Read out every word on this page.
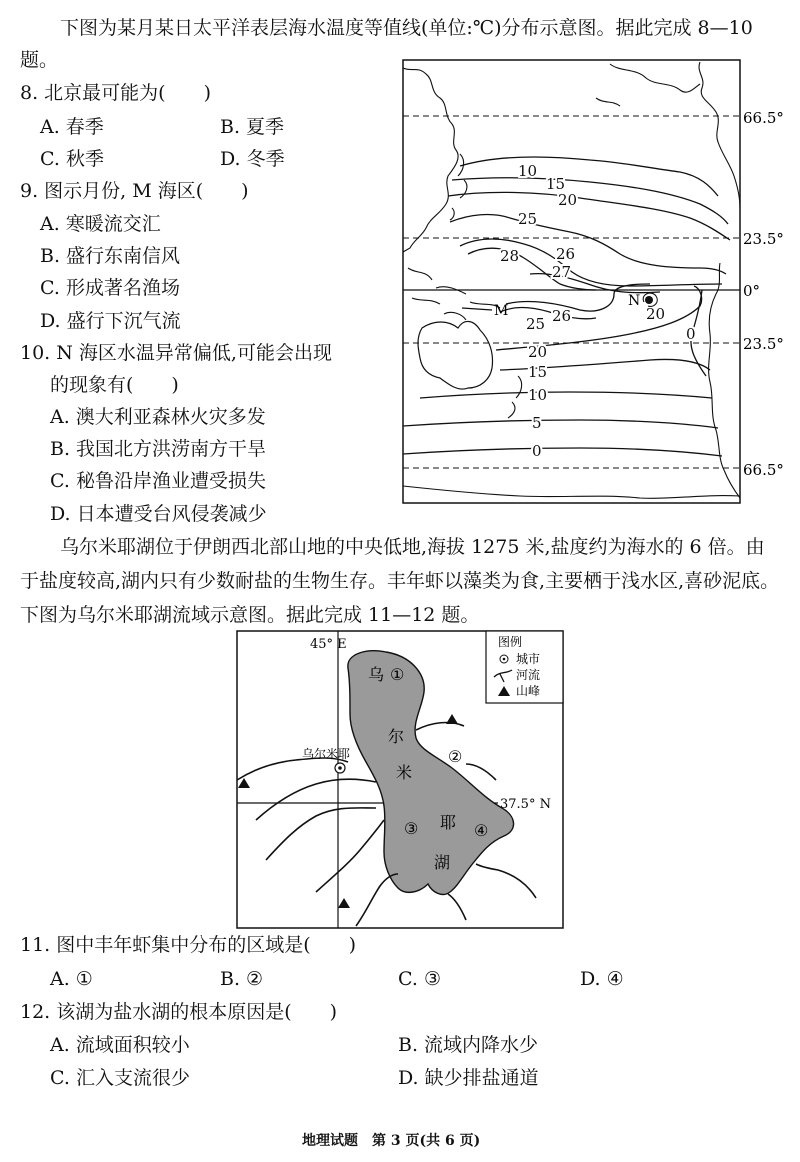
下图为某月某日太平洋表层海水温度等值线(单位:℃)分布示意图。据此完成 8—10 题。
8. 北京最可能为(　　)
A. 春季	B. 夏季
C. 秋季	D. 冬季
9. 图示月份, M 海区(　　)
A. 寒暖流交汇
B. 盛行东南信风
C. 形成著名渔场
D. 盛行下沉气流
10. N 海区水温异常偏低,可能会出现
的现象有(　　)
A. 澳大利亚森林火灾多发
B. 我国北方洪涝南方干旱
C. 秘鲁沿岸渔业遭受损失
D. 日本遭受台风侵袭减少
66.5°
23.5°
0°
23.5°
66.5°
10
15
20
25
28
27
26
20
0
25 26
20
15
10
5
0
M
N
乌尔米耶湖位于伊朗西北部山地的中央低地,海拔 1275 米,盐度约为海水的 6 倍。由于盐度较高,湖内只有少数耐盐的生物生存。丰年虾以藻类为食,主要栖于浅水区,喜砂泥底。下图为乌尔米耶湖流域示意图。据此完成 11—12 题。
45° E
37.5° N
乌尔米耶
乌
尔
米
耶
湖
①
②
③	④
图例
城市
河流
山峰
11. 图中丰年虾集中分布的区域是(　　)
A. ①	B. ②	C. ③	D. ④
12. 该湖为盐水湖的根本原因是(　　)
A. 流域面积较小	B. 流域内降水少
C. 汇入支流很少	D. 缺少排盐通道
地理试题　第 3 页(共 6 页)
